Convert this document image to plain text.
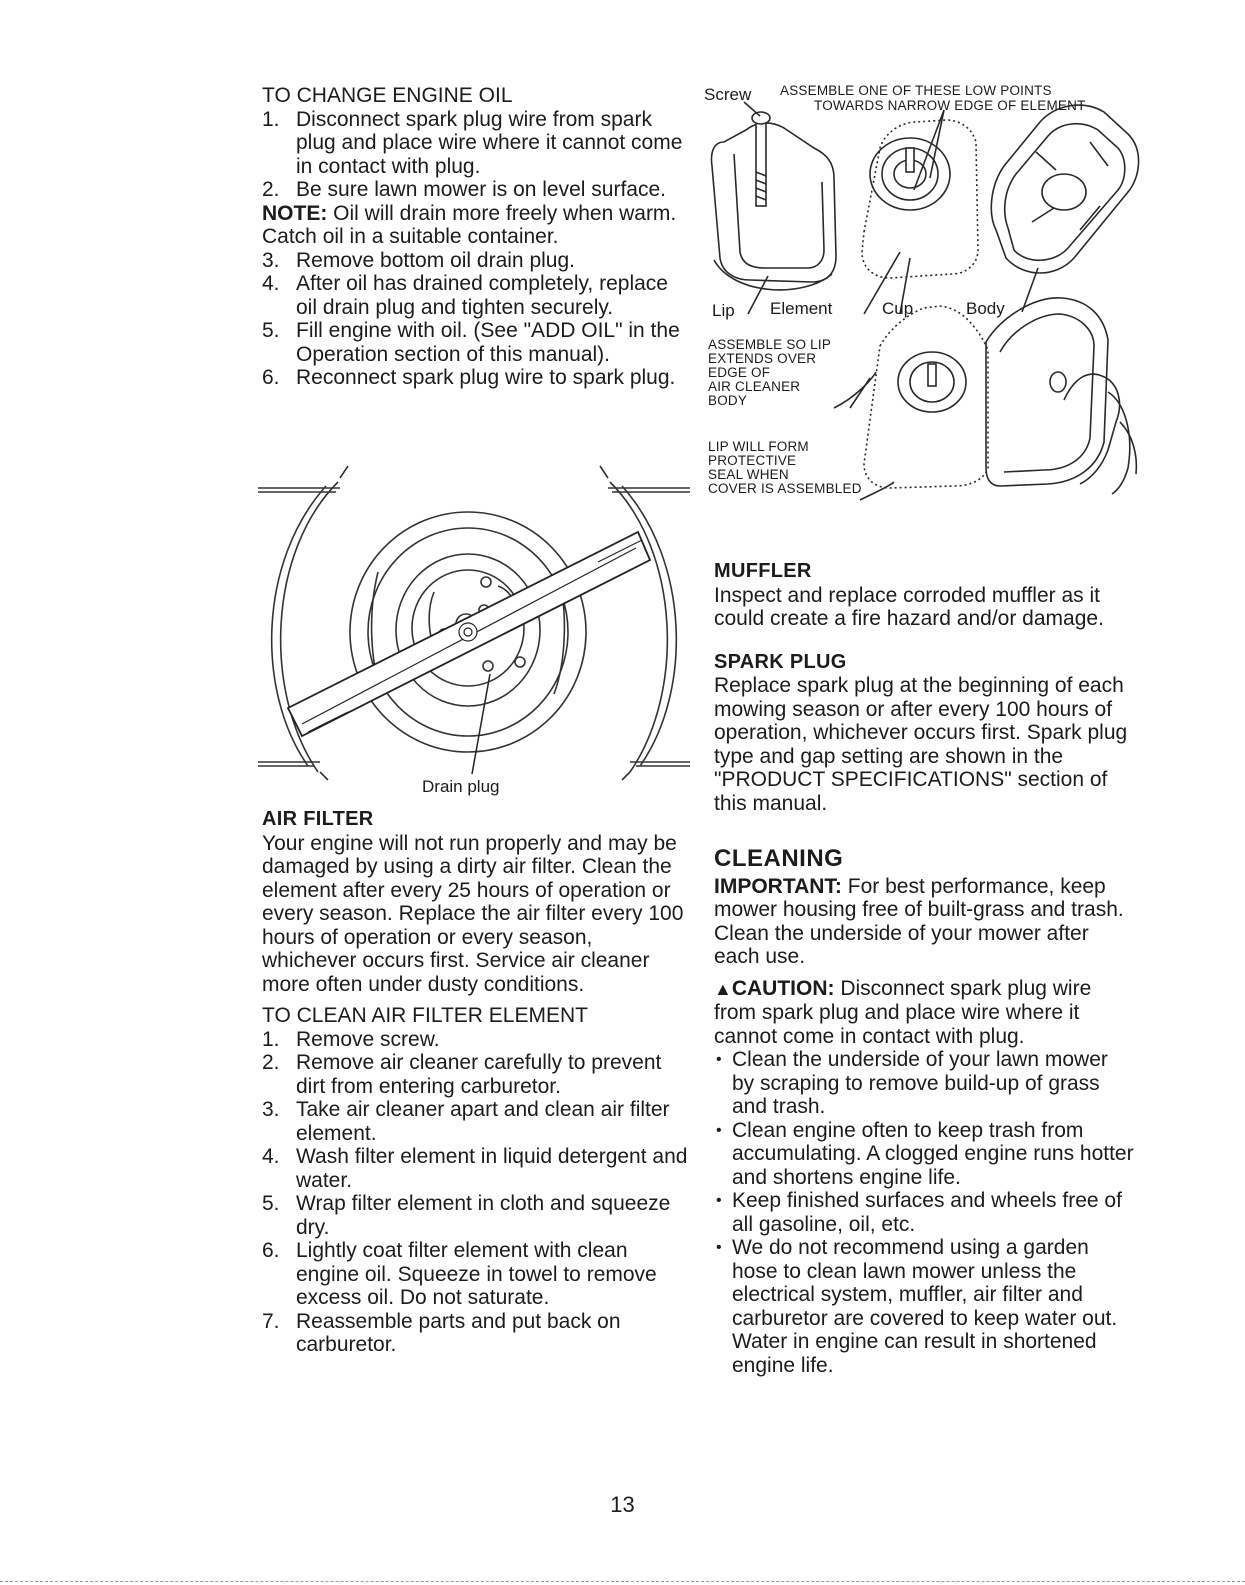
TO CHANGE ENGINE OIL
1. Disconnect spark plug wire from spark plug and place wire where it cannot come in contact with plug.
2. Be sure lawn mower is on level surface.

NOTE: Oil will drain more freely when warm. Catch oil in a suitable container.

3. Remove bottom oil drain plug.
4. After oil has drained completely, replace oil drain plug and tighten securely.
5. Fill engine with oil. (See "ADD OIL" in the Operation section of this manual).
6. Reconnect spark plug wire to spark plug.
Drain plug
AIR FILTER

Your engine will not run properly and may be damaged by using a dirty air filter. Clean the element after every 25 hours of operation or every season. Replace the air filter every 100 hours of operation or every season, whichever occurs first. Service air cleaner more often under dusty conditions.

TO CLEAN AIR FILTER ELEMENT
1. Remove screw.
2. Remove air cleaner carefully to prevent dirt from entering carburetor.
3. Take air cleaner apart and clean air filter element.
4. Wash filter element in liquid detergent and water.
5. Wrap filter element in cloth and squeeze dry.
6. Lightly coat filter element with clean engine oil. Squeeze in towel to remove excess oil. Do not saturate.
7. Reassemble parts and put back on carburetor.
Screw ASSEMBLE ONE OF THESE LOW POINTS
TOWARDS NARROW EDGE OF ELEMENT
Lip Element	Cup	Body
ASSEMBLE SO LIP
EXTENDS OVER
EDGE OF
AIR CLEANER
BODY
LIP WILL FORM
PROTECTIVE
SEAL WHEN
COVER IS ASSEMBLED
MUFFLER

Inspect and replace corroded muffler as it could create a fire hazard and/or damage.

SPARK PLUG

Replace spark plug at the beginning of each mowing season or after every 100 hours of operation, whichever occurs first. Spark plug type and gap setting are shown in the "PRODUCT SPECIFICATIONS" section of this manual.

CLEANING

IMPORTANT: For best performance, keep mower housing free of built-grass and trash. Clean the underside of your mower after each use.

▲CAUTION: Disconnect spark plug wire from spark plug and place wire where it cannot come in contact with plug.

• Clean the underside of your lawn mower by scraping to remove build-up of grass and trash.
• Clean engine often to keep trash from accumulating. A clogged engine runs hotter and shortens engine life.
• Keep finished surfaces and wheels free of all gasoline, oil, etc.
• We do not recommend using a garden hose to clean lawn mower unless the electrical system, muffler, air filter and carburetor are covered to keep water out. Water in engine can result in shortened engine life.
13
